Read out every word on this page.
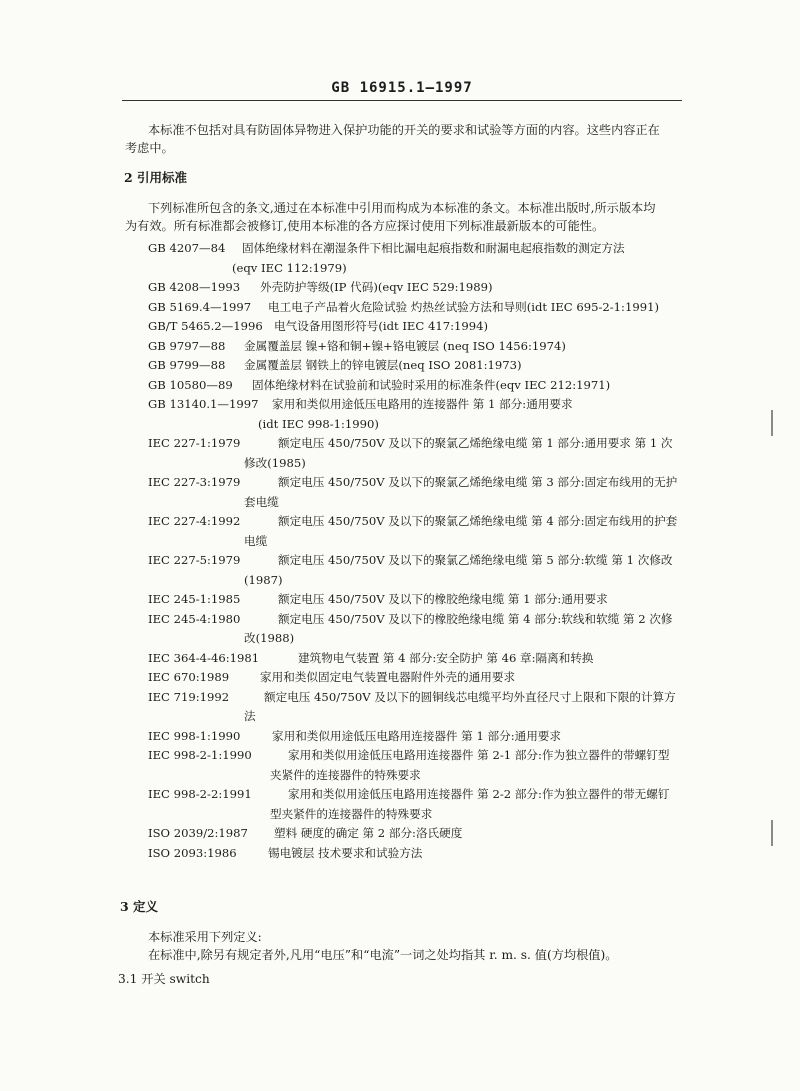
GB 16915.1—1997
本标准不包括对具有防固体异物进入保护功能的开关的要求和试验等方面的内容。这些内容正在
考虑中。
2 引用标准
下列标准所包含的条文,通过在本标准中引用而构成为本标准的条文。本标准出版时,所示版本均
为有效。所有标准都会被修订,使用本标准的各方应探讨使用下列标准最新版本的可能性。
GB 4207—84 固体绝缘材料在潮湿条件下相比漏电起痕指数和耐漏电起痕指数的测定方法
(eqv IEC 112:1979)
GB 4208—1993 外壳防护等级(IP 代码)(eqv IEC 529:1989)
GB 5169.4—1997 电工电子产品着火危险试验 灼热丝试验方法和导则(idt IEC 695-2-1:1991)
GB/T 5465.2—1996 电气设备用图形符号(idt IEC 417:1994)
GB 9797—88 金属覆盖层 镍+铬和铜+镍+铬电镀层 (neq ISO 1456:1974)
GB 9799—88 金属覆盖层 钢铁上的锌电镀层(neq ISO 2081:1973)
GB 10580—89 固体绝缘材料在试验前和试验时采用的标准条件(eqv IEC 212:1971)
GB 13140.1—1997 家用和类似用途低压电路用的连接器件 第 1 部分:通用要求
(idt IEC 998-1:1990)
IEC 227-1:1979	额定电压 450/750V 及以下的聚氯乙烯绝缘电缆 第 1 部分:通用要求 第 1 次
修改(1985)
IEC 227-3:1979	额定电压 450/750V 及以下的聚氯乙烯绝缘电缆 第 3 部分:固定布线用的无护
套电缆
IEC 227-4:1992	额定电压 450/750V 及以下的聚氯乙烯绝缘电缆 第 4 部分:固定布线用的护套
电缆
IEC 227-5:1979	额定电压 450/750V 及以下的聚氯乙烯绝缘电缆 第 5 部分:软缆 第 1 次修改
(1987)
IEC 245-1:1985	额定电压 450/750V 及以下的橡胶绝缘电缆 第 1 部分:通用要求
IEC 245-4:1980	额定电压 450/750V 及以下的橡胶绝缘电缆 第 4 部分:软线和软缆 第 2 次修
改(1988)
IEC 364-4-46:1981	建筑物电气装置 第 4 部分:安全防护 第 46 章:隔离和转换
IEC 670:1989	家用和类似固定电气装置电器附件外壳的通用要求
IEC 719:1992	额定电压 450/750V 及以下的圆铜线芯电缆平均外直径尺寸上限和下限的计算方
法
IEC 998-1:1990	家用和类似用途低压电路用连接器件 第 1 部分:通用要求
IEC 998-2-1:1990	家用和类似用途低压电路用连接器件 第 2-1 部分:作为独立器件的带螺钉型
夹紧件的连接器件的特殊要求
IEC 998-2-2:1991	家用和类似用途低压电路用连接器件 第 2-2 部分:作为独立器件的带无螺钉
型夹紧件的连接器件的特殊要求
ISO 2039/2:1987 塑料 硬度的确定 第 2 部分:洛氏硬度
ISO 2093:1986	锡电镀层 技术要求和试验方法
3 定义
本标准采用下列定义:
在标准中,除另有规定者外,凡用“电压”和“电流”一词之处均指其 r. m. s. 值(方均根值)。
3.1 开关 switch
